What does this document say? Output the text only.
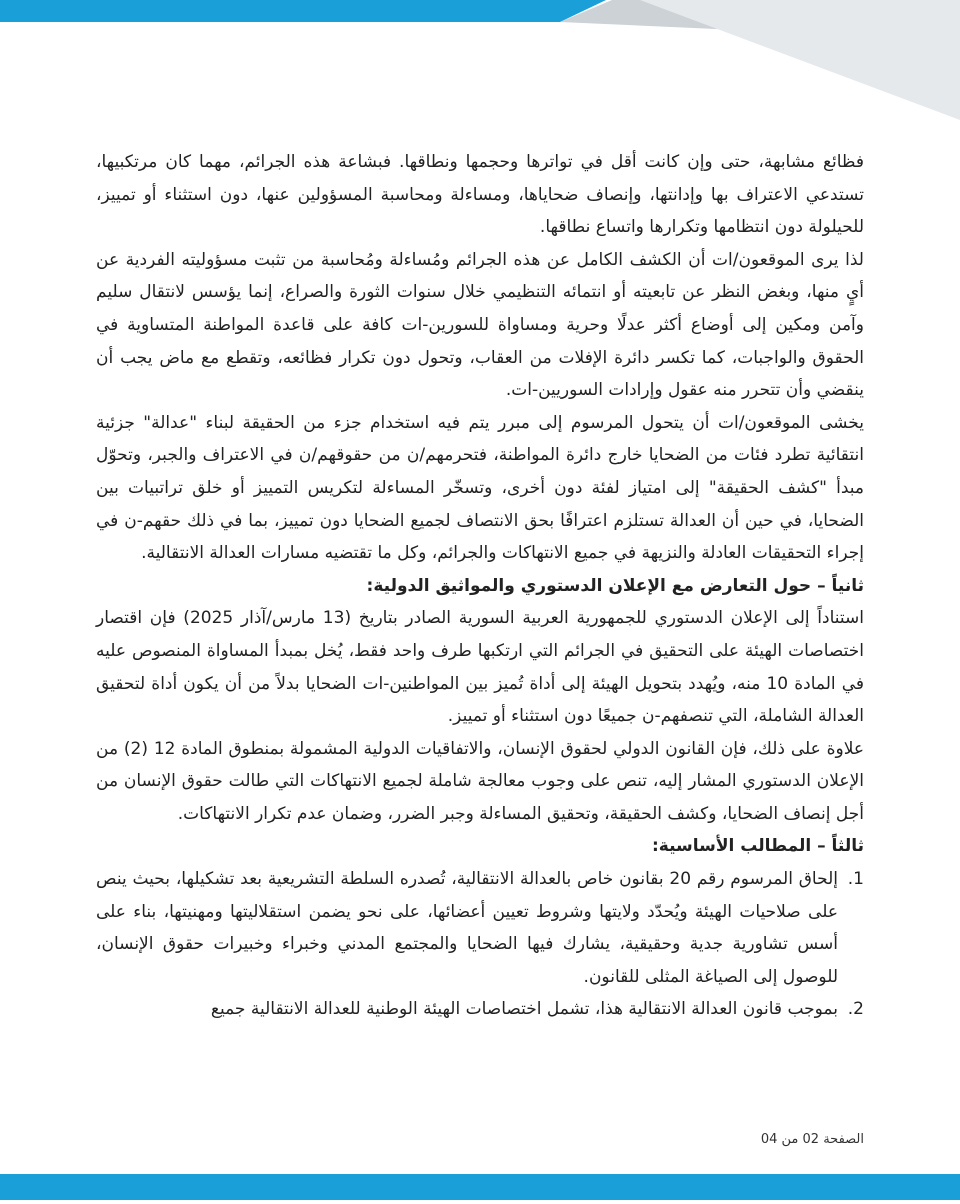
فظائع مشابهة، حتى وإن كانت أقل في تواترها وحجمها ونطاقها. فبشاعة هذه الجرائم، مهما كان مرتكبيها، تستدعي الاعتراف بها وإدانتها، وإنصاف ضحاياها، ومساءلة ومحاسبة المسؤولين عنها، دون استثناء أو تمييز، للحيلولة دون انتظامها وتكرارها واتساع نطاقها.

لذا يرى الموقعون/ات أن الكشف الكامل عن هذه الجرائم ومُساءلة ومُحاسبة من تثبت مسؤوليته الفردية عن أيٍ منها، وبغض النظر عن تابعيته أو انتمائه التنظيمي خلال سنوات الثورة والصراع، إنما يؤسس لانتقال سليم وآمن ومكين إلى أوضاع أكثر عدلًا وحرية ومساواة للسورين-ات كافة على قاعدة المواطنة المتساوية في الحقوق والواجبات، كما تكسر دائرة الإفلات من العقاب، وتحول دون تكرار فظائعه، وتقطع مع ماض يجب أن ينقضي وأن تتحرر منه عقول وإرادات السوريين-ات.

يخشى الموقعون/ات أن يتحول المرسوم إلى مبرر يتم فيه استخدام جزء من الحقيقة لبناء "عدالة" جزئية انتقائية تطرد فئات من الضحايا خارج دائرة المواطنة، فتحرمهم/ن من حقوقهم/ن في الاعتراف والجبر، وتحوّل مبدأ "كشف الحقيقة" إلى امتياز لفئة دون أخرى، وتسخّر المساءلة لتكريس التمييز أو خلق تراتبيات بين الضحايا، في حين أن العدالة تستلزم اعترافًا بحق الانتصاف لجميع الضحايا دون تمييز، بما في ذلك حقهم-ن في إجراء التحقيقات العادلة والنزيهة في جميع الانتهاكات والجرائم، وكل ما تقتضيه مسارات العدالة الانتقالية.

ثانياً – حول التعارض مع الإعلان الدستوري والمواثيق الدولية:

استناداً إلى الإعلان الدستوري للجمهورية العربية السورية الصادر بتاريخ (13 مارس/آذار 2025) فإن اقتصار اختصاصات الهيئة على التحقيق في الجرائم التي ارتكبها طرف واحد فقط، يُخل بمبدأ المساواة المنصوص عليه في المادة 10 منه، ويُهدد بتحويل الهيئة إلى أداة تُميز بين المواطنين-ات الضحايا بدلاً من أن يكون أداة لتحقيق العدالة الشاملة، التي تنصفهم-ن جميعًا دون استثناء أو تمييز.

علاوة على ذلك، فإن القانون الدولي لحقوق الإنسان، والاتفاقيات الدولية المشمولة بمنطوق المادة 12 (2) من الإعلان الدستوري المشار إليه، تنص على وجوب معالجة شاملة لجميع الانتهاكات التي طالت حقوق الإنسان من أجل إنصاف الضحايا، وكشف الحقيقة، وتحقيق المساءلة وجبر الضرر، وضمان عدم تكرار الانتهاكات.

ثالثاً – المطالب الأساسية:
إلحاق المرسوم رقم 20 بقانون خاص بالعدالة الانتقالية، تُصدره السلطة التشريعية بعد تشكيلها، بحيث ينص على صلاحيات الهيئة ويُحدّد ولايتها وشروط تعيين أعضائها، على نحو يضمن استقلاليتها ومهنيتها، بناء على أسس تشاورية جدية وحقيقية، يشارك فيها الضحايا والمجتمع المدني وخبراء وخبيرات حقوق الإنسان، للوصول إلى الصياغة المثلى للقانون.
بموجب قانون العدالة الانتقالية هذا، تشمل اختصاصات الهيئة الوطنية للعدالة الانتقالية جميع
الصفحة 02 من 04
